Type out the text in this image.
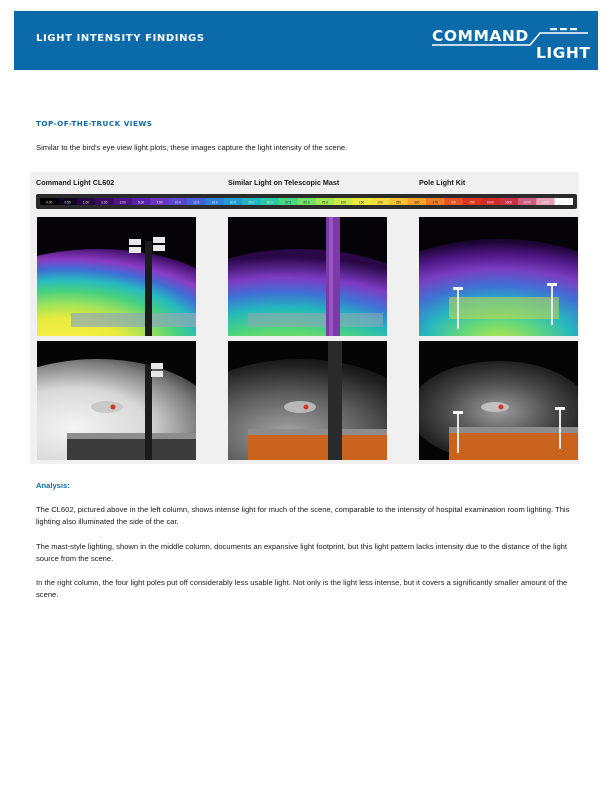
LIGHT INTENSITY FINDINGS	COMMAND
LIGHT
TOP-OF-THE-TRUCK VIEWS
Similar to the bird's eye view light plots, these images capture the light intensity of the scene.
Command Light CL602	Similar Light on Telescopic Mast	Pole Light Kit
0.00	0.50	1.00	2.00	3.00	5.00	7.50	10.0	12.5	15.0	20.0	25.0	30.0	37.5	50.0	75.0	100	150	200	250	300	375	500	750	1000	1500	2000	2500	5000.00
Analysis:

The CL602, pictured above in the left column, shows intense light for much of the scene, comparable to the intensity of hospital examination room lighting. This lighting also illuminated the side of the car.

The mast-style lighting, shown in the middle column, documents an expansive light footprint, but this light pattern lacks intensity due to the distance of the light source from the scene.

In the right column, the four light poles put off considerably less usable light. Not only is the light less intense, but it covers a significantly smaller amount of the scene.
